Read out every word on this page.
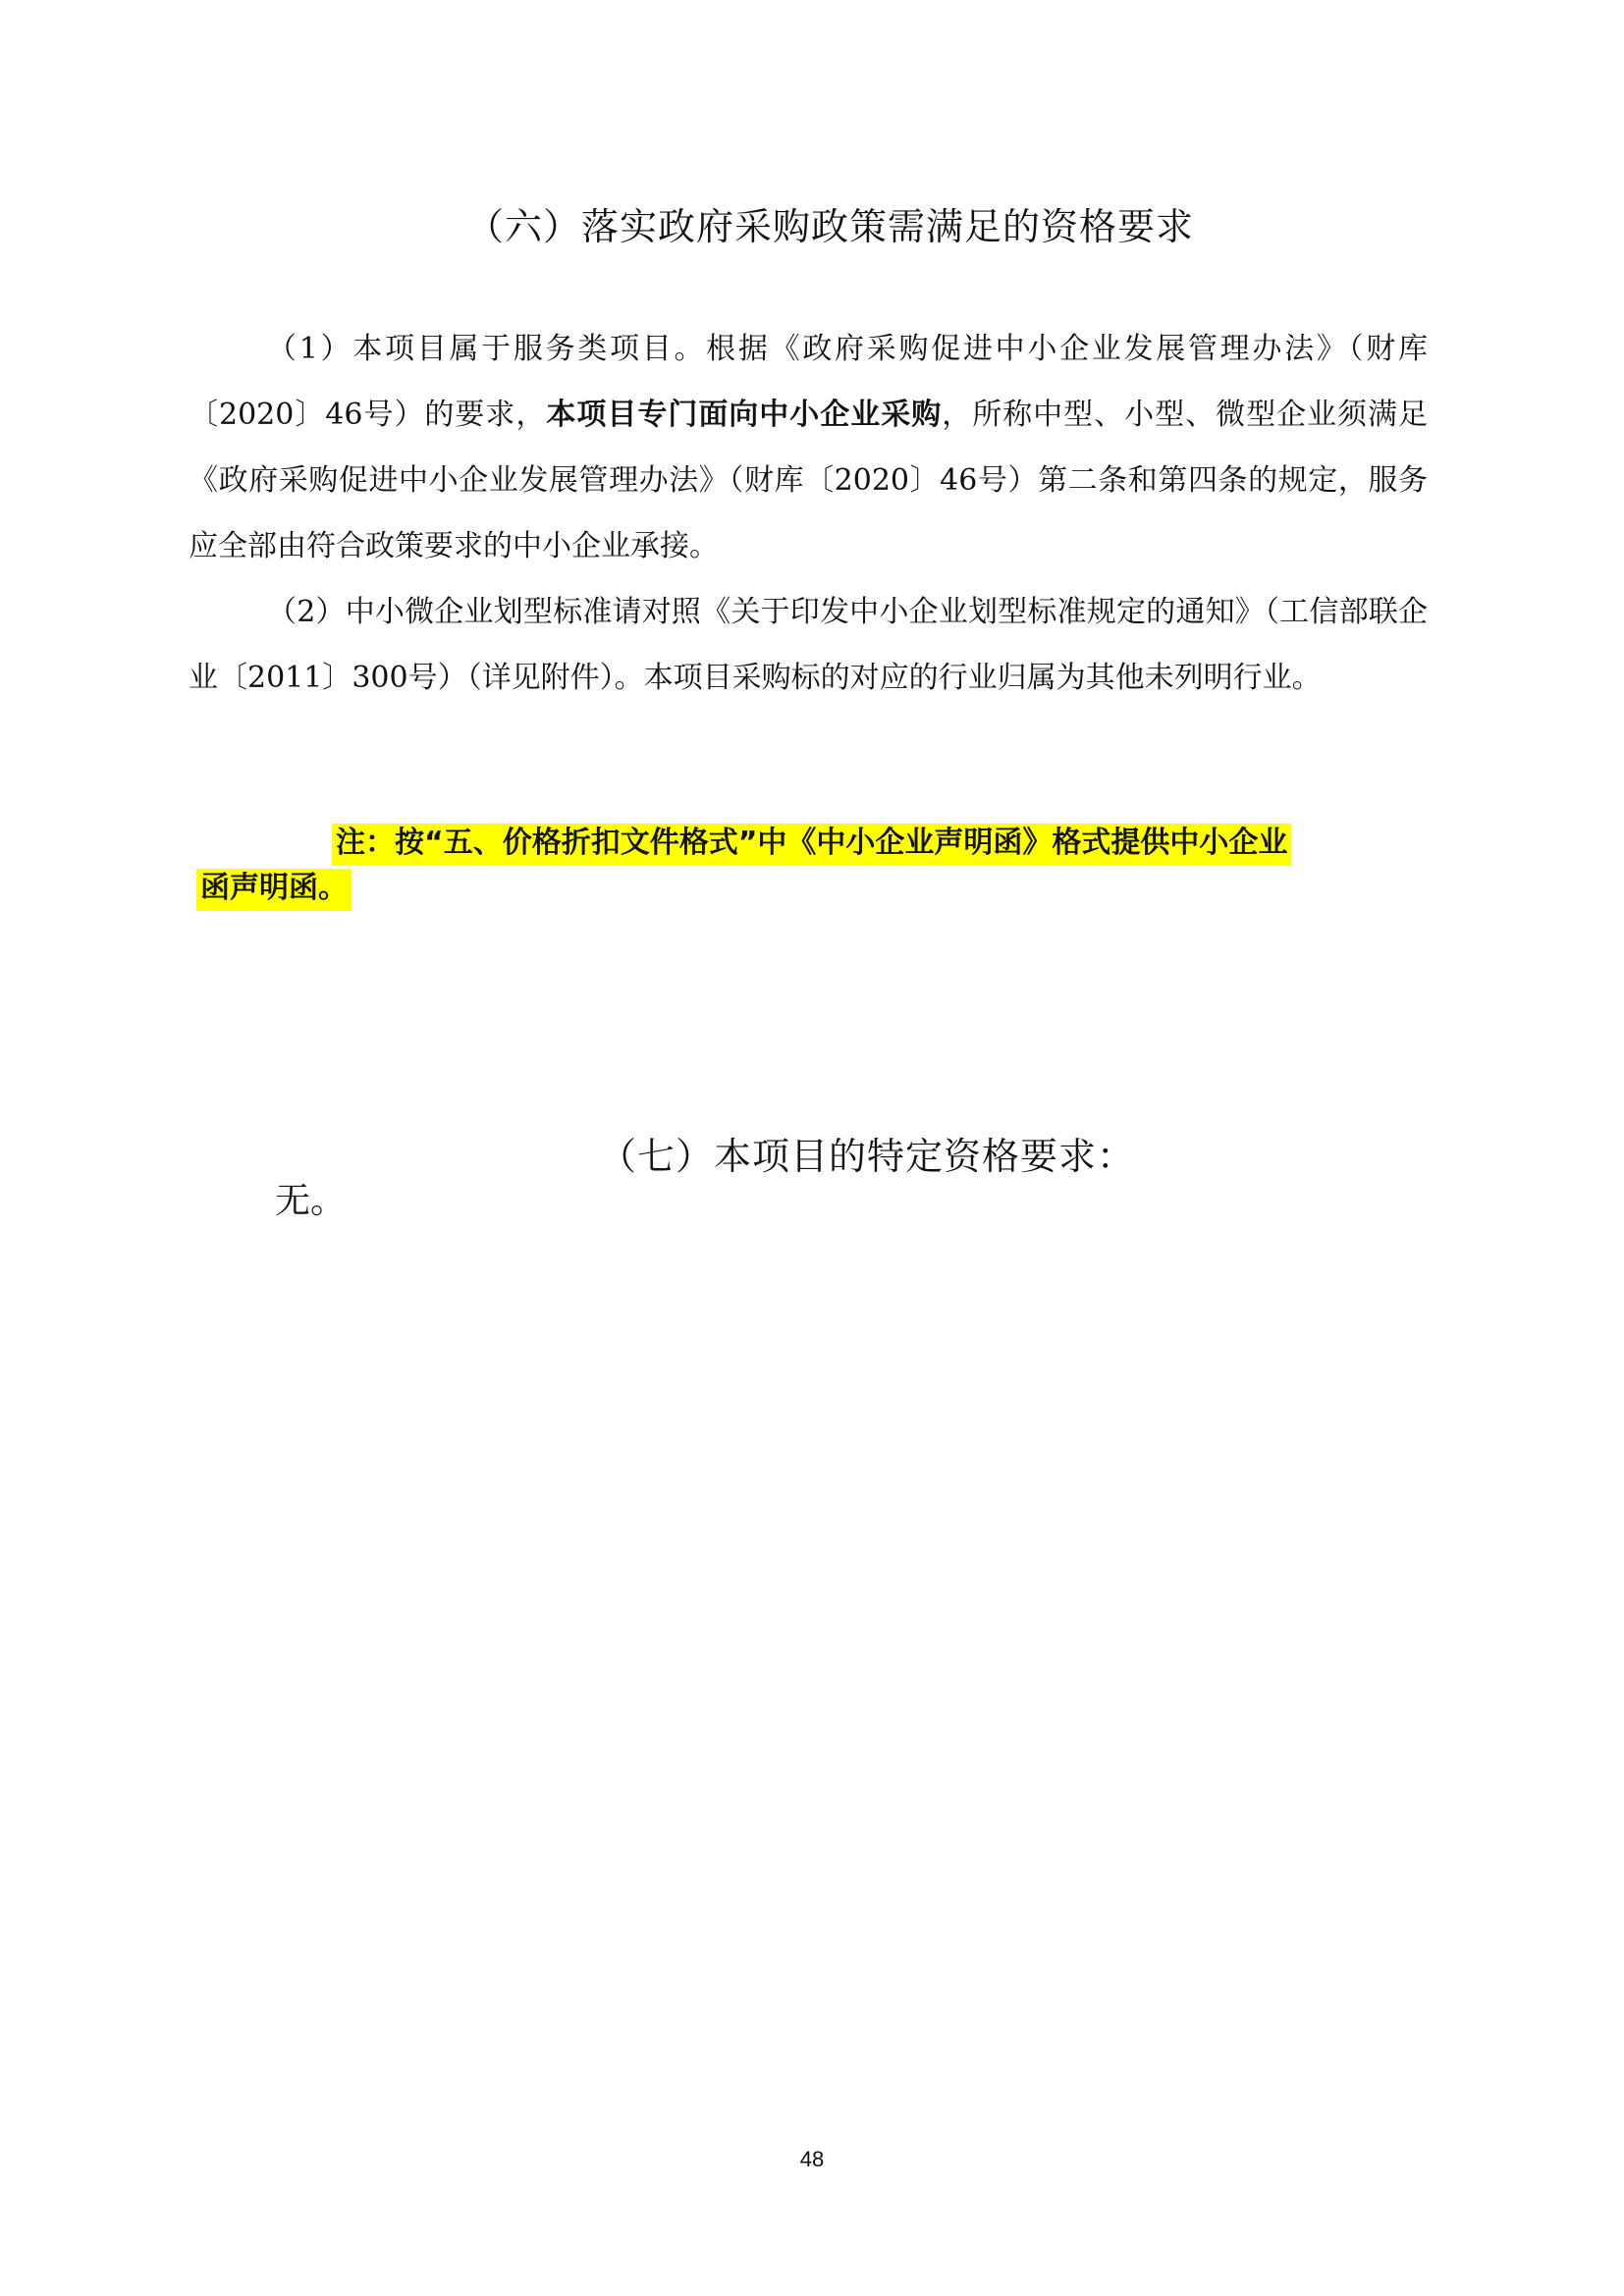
（六）落实政府采购政策需满足的资格要求

（1）本项目属于服务类项目。根据《政府采购促进中小企业发展管理办法》（财库〔2020〕46号）的要求，本项目专门面向中小企业采购，所称中型、小型、微型企业须满足《政府采购促进中小企业发展管理办法》（财库〔2020〕46号）第二条和第四条的规定，服务应全部由符合政策要求的中小企业承接。

（2）中小微企业划型标准请对照《关于印发中小企业划型标准规定的通知》（工信部联企业〔2011〕300号）（详见附件）。本项目采购标的对应的行业归属为其他未列明行业。

注：按“五、价格折扣文件格式”中《中小企业声明函》格式提供中小企业
函声明函。
（七）本项目的特定资格要求：
无。
48
